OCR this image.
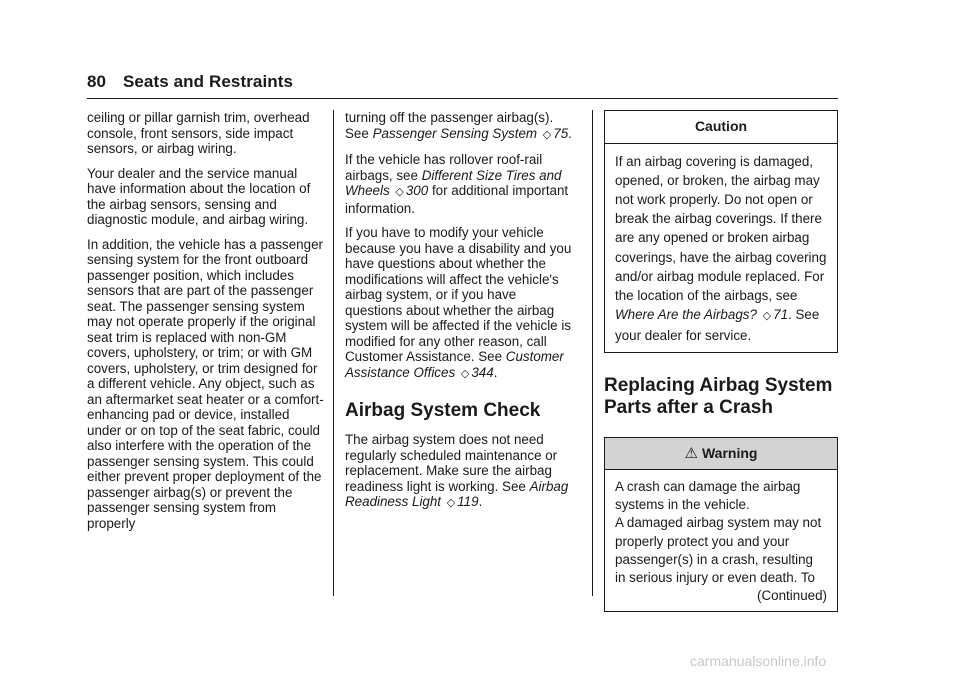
80 Seats and Restraints

ceiling or pillar garnish trim, overhead console, front sensors, side impact sensors, or airbag wiring.

Your dealer and the service manual have information about the location of the airbag sensors, sensing and diagnostic module, and airbag wiring.

In addition, the vehicle has a passenger sensing system for the front outboard passenger position, which includes sensors that are part of the passenger seat. The passenger sensing system may not operate properly if the original seat trim is replaced with non-GM covers, upholstery, or trim; or with GM covers, upholstery, or trim designed for a different vehicle. Any object, such as an aftermarket seat heater or a comfort-enhancing pad or device, installed under or on top of the seat fabric, could also interfere with the operation of the passenger sensing system. This could either prevent proper deployment of the passenger airbag(s) or prevent the passenger sensing system from properly

turning off the passenger airbag(s). See Passenger Sensing System ◇ 75.

If the vehicle has rollover roof-rail airbags, see Different Size Tires and Wheels ◇ 300 for additional important information.

If you have to modify your vehicle because you have a disability and you have questions about whether the modifications will affect the vehicle's airbag system, or if you have questions about whether the airbag system will be affected if the vehicle is modified for any other reason, call Customer Assistance. See Customer Assistance Offices ◇ 344.

Airbag System Check

The airbag system does not need regularly scheduled maintenance or replacement. Make sure the airbag readiness light is working. See Airbag Readiness Light ◇ 119.

Caution
If an airbag covering is damaged, opened, or broken, the airbag may not work properly. Do not open or break the airbag coverings. If there are any opened or broken airbag coverings, have the airbag covering and/or airbag module replaced. For the location of the airbags, see Where Are the Airbags? ◇ 71. See your dealer for service.
Replacing Airbag System Parts after a Crash
⚠ Warning
A crash can damage the airbag systems in the vehicle.
A damaged airbag system may not properly protect you and your passenger(s) in a crash, resulting in serious injury or even death. To
(Continued)
carmanualsonline.info
